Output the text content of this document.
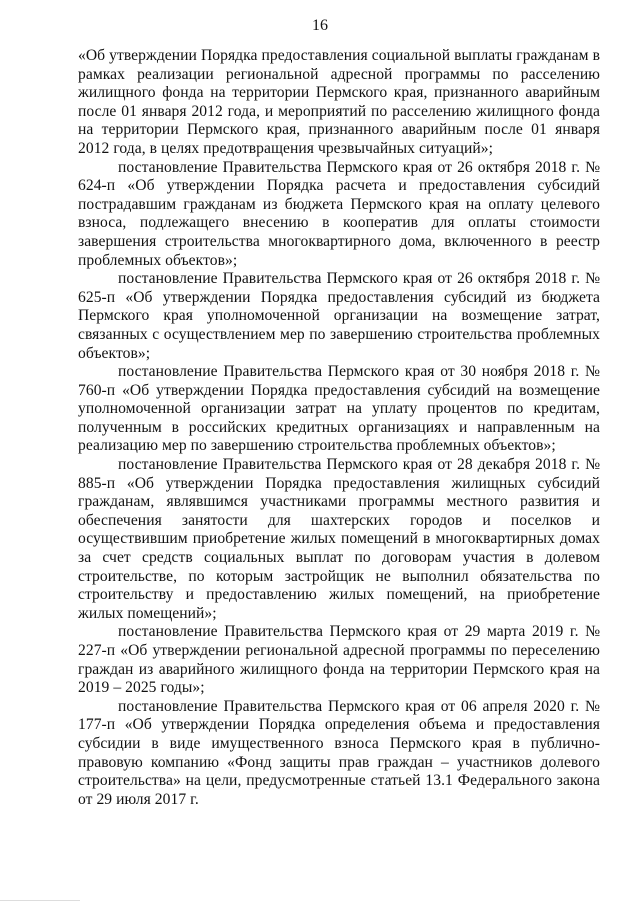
16

«Об утверждении Порядка предоставления социальной выплаты гражданам в рамках реализации региональной адресной программы по расселению жилищного фонда на территории Пермского края, признанного аварийным после 01 января 2012 года, и мероприятий по расселению жилищного фонда на территории Пермского края, признанного аварийным после 01 января 2012 года, в целях предотвращения чрезвычайных ситуаций»;

постановление Правительства Пермского края от 26 октября 2018 г. № 624-п «Об утверждении Порядка расчета и предоставления субсидий пострадавшим гражданам из бюджета Пермского края на оплату целевого взноса, подлежащего внесению в кооператив для оплаты стоимости завершения строительства многоквартирного дома, включенного в реестр проблемных объектов»;

постановление Правительства Пермского края от 26 октября 2018 г. № 625-п «Об утверждении Порядка предоставления субсидий из бюджета Пермского края уполномоченной организации на возмещение затрат, связанных с осуществлением мер по завершению строительства проблемных объектов»;

постановление Правительства Пермского края от 30 ноября 2018 г. № 760-п «Об утверждении Порядка предоставления субсидий на возмещение уполномоченной организации затрат на уплату процентов по кредитам, полученным в российских кредитных организациях и направленным на реализацию мер по завершению строительства проблемных объектов»;

постановление Правительства Пермского края от 28 декабря 2018 г. № 885-п «Об утверждении Порядка предоставления жилищных субсидий гражданам, являвшимся участниками программы местного развития и обеспечения занятости для шахтерских городов и поселков и осуществившим приобретение жилых помещений в многоквартирных домах за счет средств социальных выплат по договорам участия в долевом строительстве, по которым застройщик не выполнил обязательства по строительству и предоставлению жилых помещений, на приобретение жилых помещений»;

постановление Правительства Пермского края от 29 марта 2019 г. № 227-п «Об утверждении региональной адресной программы по переселению граждан из аварийного жилищного фонда на территории Пермского края на 2019 – 2025 годы»;

постановление Правительства Пермского края от 06 апреля 2020 г. № 177-п «Об утверждении Порядка определения объема и предоставления субсидии в виде имущественного взноса Пермского края в публично-правовую компанию «Фонд защиты прав граждан – участников долевого строительства» на цели, предусмотренные статьей 13.1 Федерального закона от 29 июля 2017 г.
